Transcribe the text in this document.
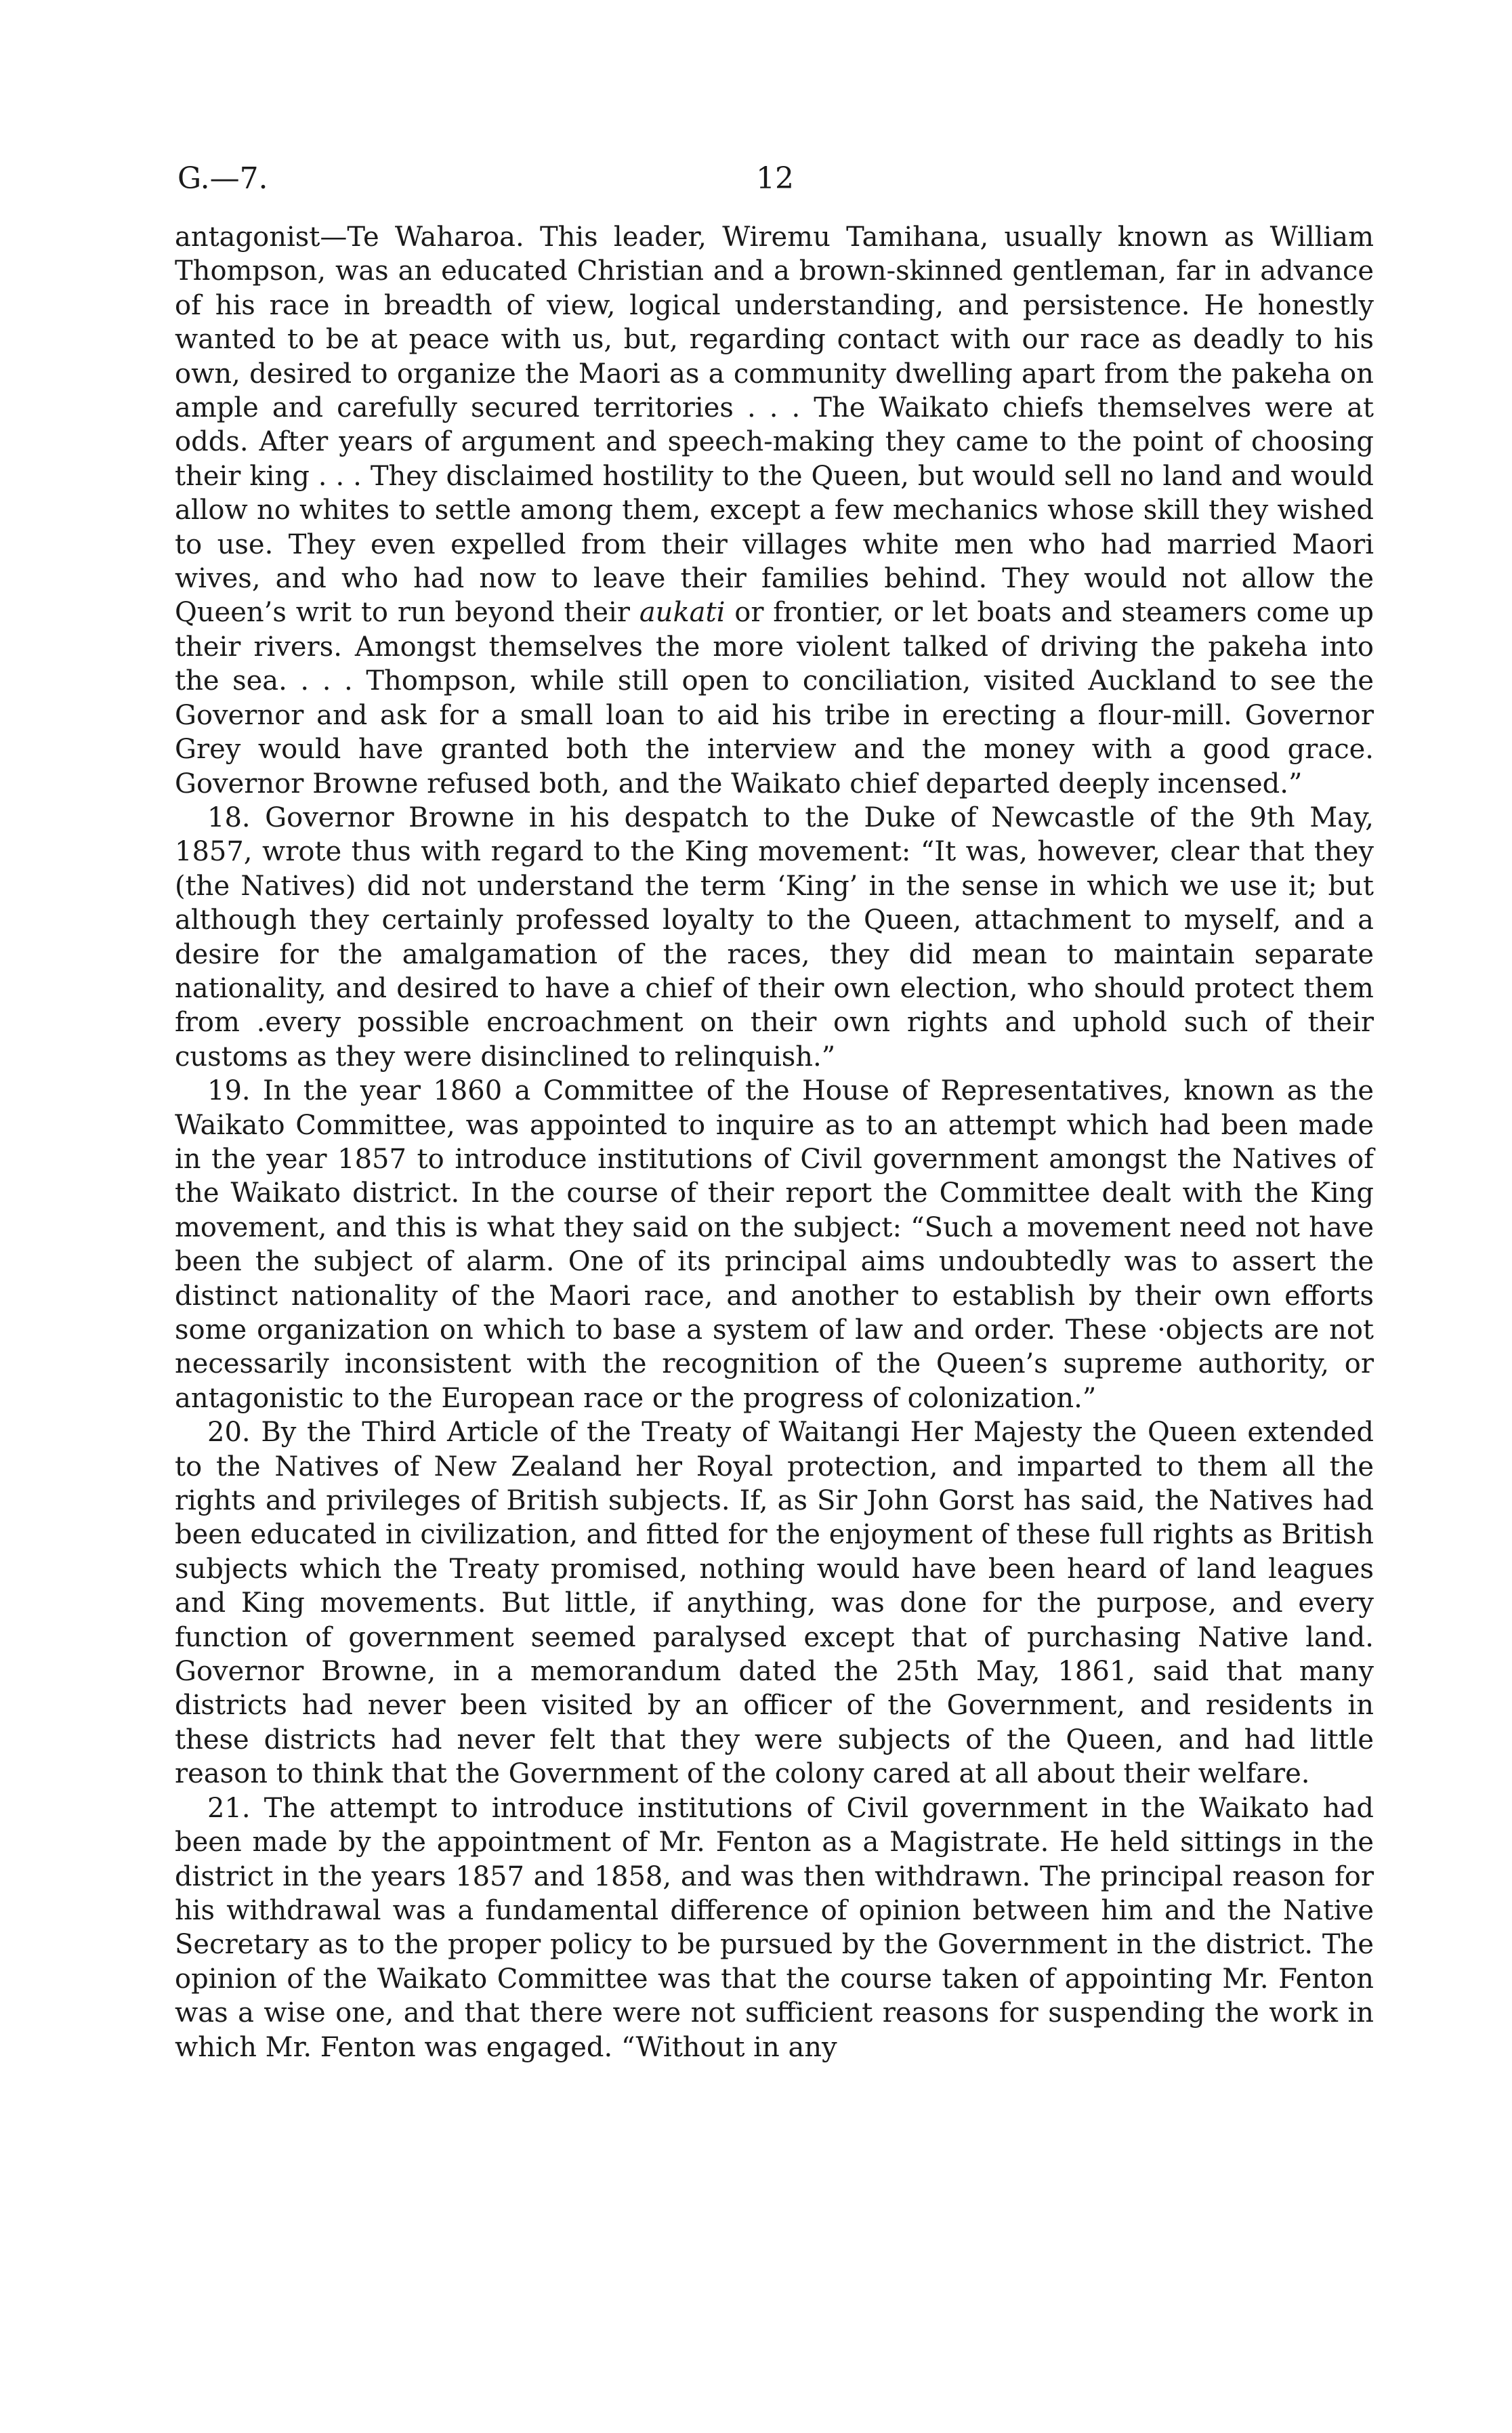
G.—7.	12

antagonist—Te Waharoa. This leader, Wiremu Tamihana, usually known as William Thompson, was an educated Christian and a brown-skinned gentleman, far in advance of his race in breadth of view, logical understanding, and persistence. He honestly wanted to be at peace with us, but, regarding contact with our race as deadly to his own, desired to organize the Maori as a community dwelling apart from the pakeha on ample and carefully secured territories . . . The Waikato chiefs themselves were at odds. After years of argument and speech-making they came to the point of choosing their king . . . They disclaimed hostility to the Queen, but would sell no land and would allow no whites to settle among them, except a few mechanics whose skill they wished to use. They even expelled from their villages white men who had married Maori wives, and who had now to leave their families behind. They would not allow the Queen’s writ to run beyond their aukati or frontier, or let boats and steamers come up their rivers. Amongst themselves the more violent talked of driving the pakeha into the sea. . . . Thompson, while still open to conciliation, visited Auckland to see the Governor and ask for a small loan to aid his tribe in erecting a flour-mill. Governor Grey would have granted both the interview and the money with a good grace. Governor Browne refused both, and the Waikato chief departed deeply incensed.”

18. Governor Browne in his despatch to the Duke of Newcastle of the 9th May, 1857, wrote thus with regard to the King movement: “It was, however, clear that they (the Natives) did not understand the term ‘King’ in the sense in which we use it; but although they certainly professed loyalty to the Queen, attachment to myself, and a desire for the amalgamation of the races, they did mean to maintain separate nationality, and desired to have a chief of their own election, who should protect them from .every possible encroachment on their own rights and uphold such of their customs as they were disinclined to relinquish.”

19. In the year 1860 a Committee of the House of Representatives, known as the Waikato Committee, was appointed to inquire as to an attempt which had been made in the year 1857 to introduce institutions of Civil government amongst the Natives of the Waikato district. In the course of their report the Committee dealt with the King movement, and this is what they said on the subject: “Such a movement need not have been the subject of alarm. One of its principal aims undoubtedly was to assert the distinct nationality of the Maori race, and another to establish by their own efforts some organization on which to base a system of law and order. These ·objects are not necessarily inconsistent with the recognition of the Queen’s supreme authority, or antagonistic to the European race or the progress of colonization.”

20. By the Third Article of the Treaty of Waitangi Her Majesty the Queen extended to the Natives of New Zealand her Royal protection, and imparted to them all the rights and privileges of British subjects. If, as Sir John Gorst has said, the Natives had been educated in civilization, and fitted for the enjoyment of these full rights as British subjects which the Treaty promised, nothing would have been heard of land leagues and King movements. But little, if anything, was done for the purpose, and every function of government seemed paralysed except that of purchasing Native land. Governor Browne, in a memorandum dated the 25th May, 1861, said that many districts had never been visited by an officer of the Government, and residents in these districts had never felt that they were subjects of the Queen, and had little reason to think that the Government of the colony cared at all about their welfare.

21. The attempt to introduce institutions of Civil government in the Waikato had been made by the appointment of Mr. Fenton as a Magistrate. He held sittings in the district in the years 1857 and 1858, and was then withdrawn. The principal reason for his withdrawal was a fundamental difference of opinion between him and the Native Secretary as to the proper policy to be pursued by the Government in the district. The opinion of the Waikato Committee was that the course taken of appointing Mr. Fenton was a wise one, and that there were not sufficient reasons for suspending the work in which Mr. Fenton was engaged. “Without in any
